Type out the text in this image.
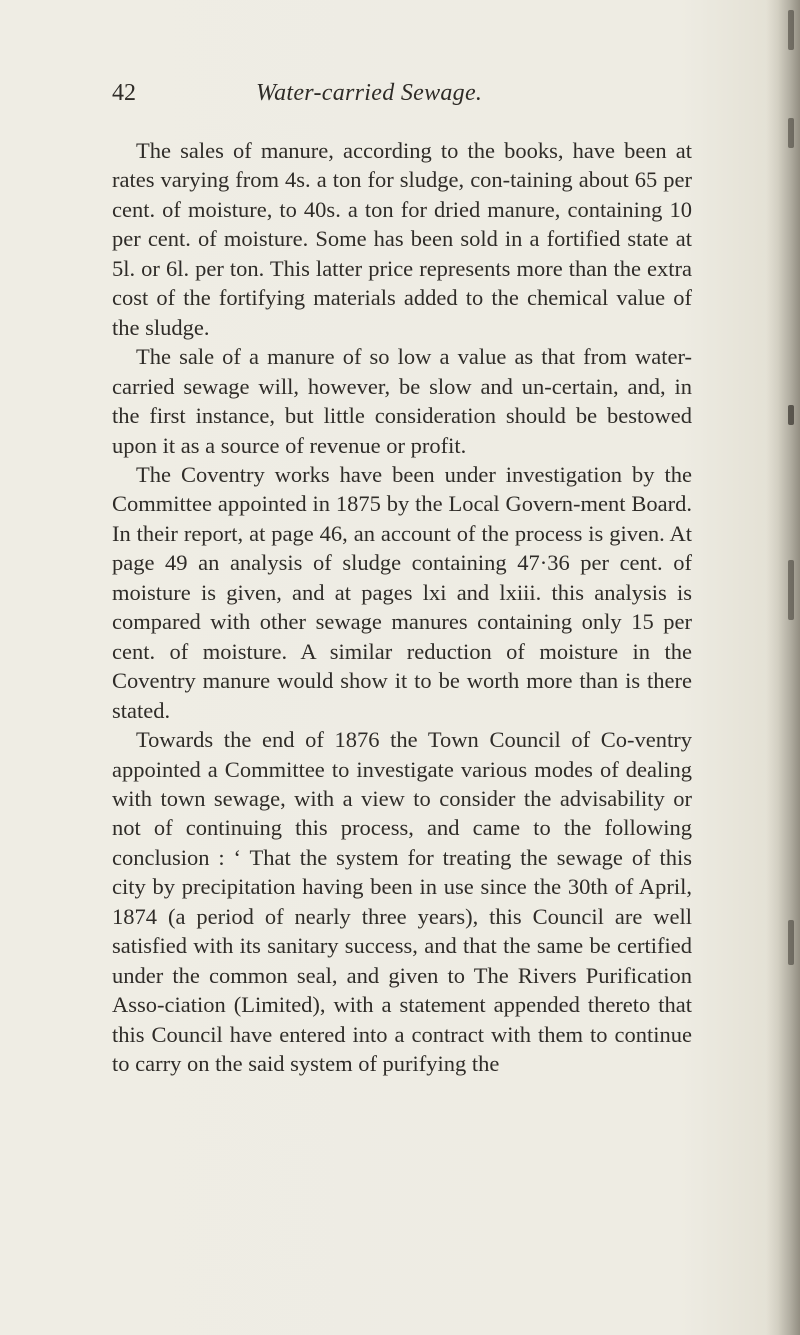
42	Water-carried Sewage.

The sales of manure, according to the books, have been at rates varying from 4s. a ton for sludge, con-taining about 65 per cent. of moisture, to 40s. a ton for dried manure, containing 10 per cent. of moisture. Some has been sold in a fortified state at 5l. or 6l. per ton. This latter price represents more than the extra cost of the fortifying materials added to the chemical value of the sludge.

The sale of a manure of so low a value as that from water-carried sewage will, however, be slow and un-certain, and, in the first instance, but little consideration should be bestowed upon it as a source of revenue or profit.

The Coventry works have been under investigation by the Committee appointed in 1875 by the Local Govern-ment Board. In their report, at page 46, an account of the process is given. At page 49 an analysis of sludge containing 47·36 per cent. of moisture is given, and at pages lxi and lxiii. this analysis is compared with other sewage manures containing only 15 per cent. of moisture. A similar reduction of moisture in the Coventry manure would show it to be worth more than is there stated.

Towards the end of 1876 the Town Council of Co-ventry appointed a Committee to investigate various modes of dealing with town sewage, with a view to consider the advisability or not of continuing this process, and came to the following conclusion : ‘ That the system for treating the sewage of this city by precipitation having been in use since the 30th of April, 1874 (a period of nearly three years), this Council are well satisfied with its sanitary success, and that the same be certified under the common seal, and given to The Rivers Purification Asso-ciation (Limited), with a statement appended thereto that this Council have entered into a contract with them to continue to carry on the said system of purifying the
